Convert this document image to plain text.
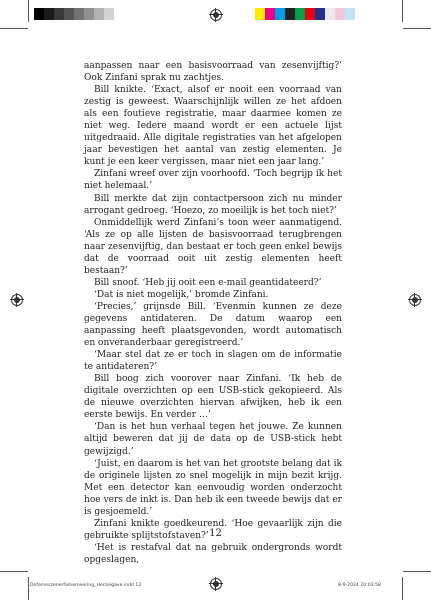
aanpassen naar een basisvoorraad van zesenvijftig?’ Ook Zinfani sprak nu zachtjes.

Bill knikte. ‘Exact, alsof er nooit een voorraad van zestig is geweest. Waarschijnlijk willen ze het afdoen als een foutieve registratie, maar daarmee komen ze niet weg. Iedere maand wordt er een actuele lijst uitgedraaid. Alle digitale registraties van het afgelopen jaar bevestigen het aantal van zestig elementen. Je kunt je een keer vergissen, maar niet een jaar lang.’

Zinfani wreef over zijn voorhoofd. ‘Toch begrijp ik het niet helemaal.’

Bill merkte dat zijn contactpersoon zich nu minder arrogant gedroeg. ‘Hoezo, zo moeilijk is het toch niet?’

Onmiddellijk werd Zinfani’s toon weer aanmatigend. ‘Als ze op alle lijsten de basisvoorraad terugbrengen naar zesenvijftig, dan bestaat er toch geen enkel bewijs dat de voorraad ooit uit zestig elementen heeft bestaan?’

Bill snoof. ‘Heb jij ooit een e-mail geantidateerd?’

‘Dat is niet mogelijk,’ bromde Zinfani.

‘Precies,’ grijnsde Bill. ‘Evenmin kunnen ze deze gegevens antidateren. De datum waarop een aanpassing heeft plaatsgevonden, wordt automatisch en onveranderbaar geregistreerd.’

‘Maar stel dat ze er toch in slagen om de informatie te antidateren?’

Bill boog zich voorover naar Zinfani. ‘Ik heb de digitale overzichten op een USB-stick gekopieerd. Als de nieuwe overzichten hiervan afwijken, heb ik een eerste bewijs. En verder …’

‘Dan is het hun verhaal tegen het jouwe. Ze kunnen altijd beweren dat jij de data op de USB-stick hebt gewijzigd.’

‘Juist, en daarom is het van het grootste belang dat ik de originele lijsten zo snel mogelijk in mijn bezit krijg. Met een detector kan eenvoudig worden onderzocht hoe vers de inkt is. Dan heb ik een tweede bewijs dat er is gesjoemeld.’

Zinfani knikte goedkeurend. ‘Hoe gevaarlijk zijn die gebruikte splijtstofstaven?’

‘Het is restafval dat na gebruik ondergronds wordt opgeslagen,

12
Defameszenerfamemeering_Herzeigave.indd 12	8-9-2024 20:03:58
